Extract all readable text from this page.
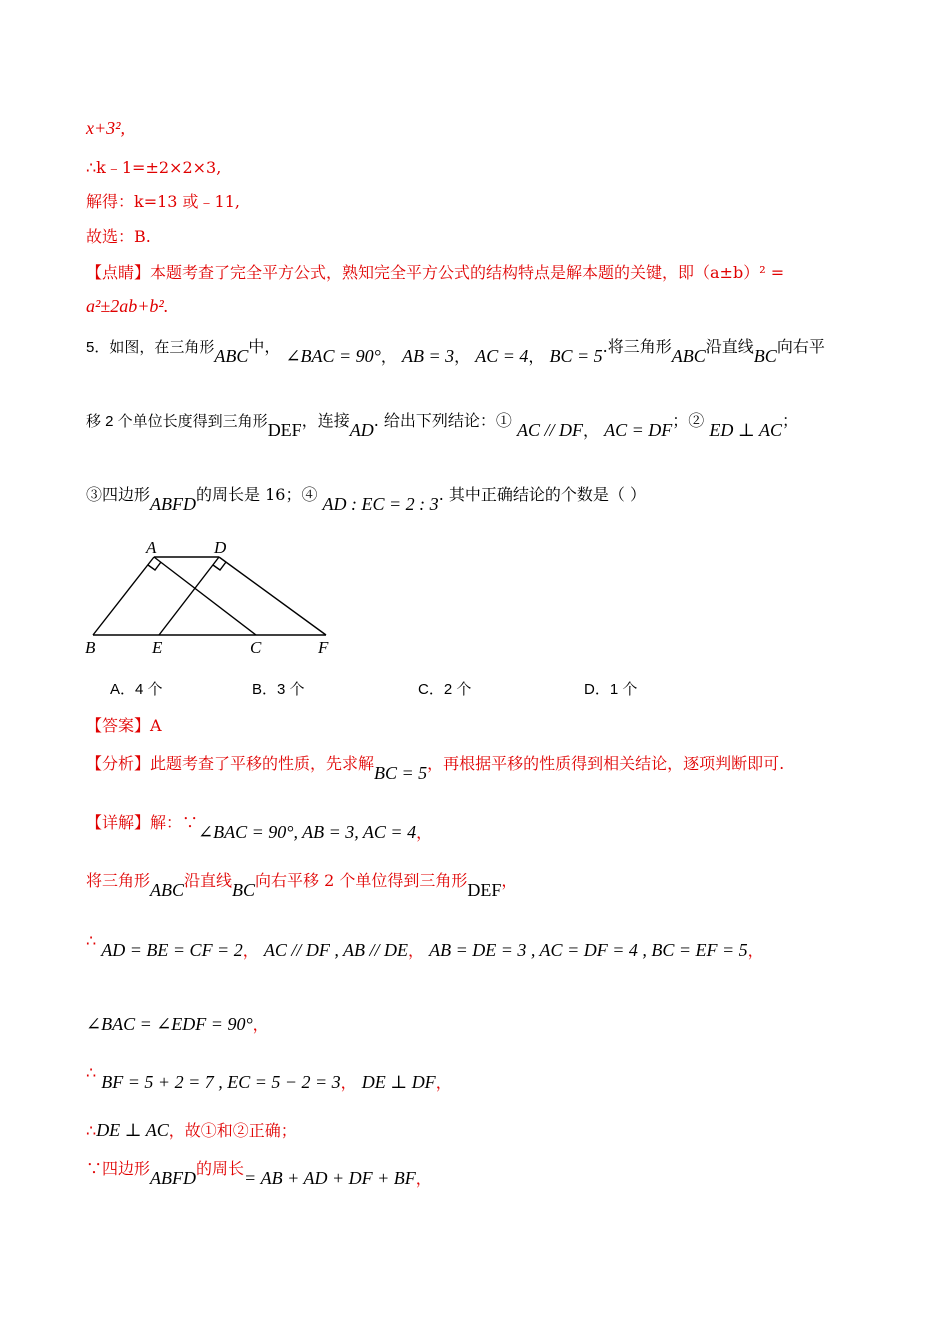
x+3²,
∴k﹣1=±2×2×3,
解得：k=13 或﹣11,
故选：B.
【点睛】本题考查了完全平方公式，熟知完全平方公式的结构特点是解本题的关键，即（a±b）² =
a²±2ab+b².
5．如图，在三角形ABC中， ∠BAC = 90°， AB = 3， AC = 4， BC = 5.将三角形ABC沿直线BC向右平
移 2 个单位长度得到三角形DEF，连接AD. 给出下列结论：① AC // DF， AC = DF；② ED ⊥ AC；
③四边形ABFD的周长是 16；④ AD : EC = 2 : 3. 其中正确结论的个数是（ ）
A	D
B	E	C	F
A．4 个	B．3 个	C．2 个	D．1 个
【答案】A
【分析】此题考查了平移的性质，先求解BC = 5，再根据平移的性质得到相关结论，逐项判断即可.
【详解】解：∵∠BAC = 90°, AB = 3, AC = 4，
将三角形ABC沿直线BC向右平移 2 个单位得到三角形DEF，
∴ AD = BE = CF = 2， AC // DF , AB // DE， AB = DE = 3 , AC = DF = 4 , BC = EF = 5，
∠BAC = ∠EDF = 90°，
∴ BF = 5 + 2 = 7 , EC = 5 − 2 = 3， DE ⊥ DF，
∴DE ⊥ AC，故①和②正确；
∵四边形ABFD的周长= AB + AD + DF + BF，
